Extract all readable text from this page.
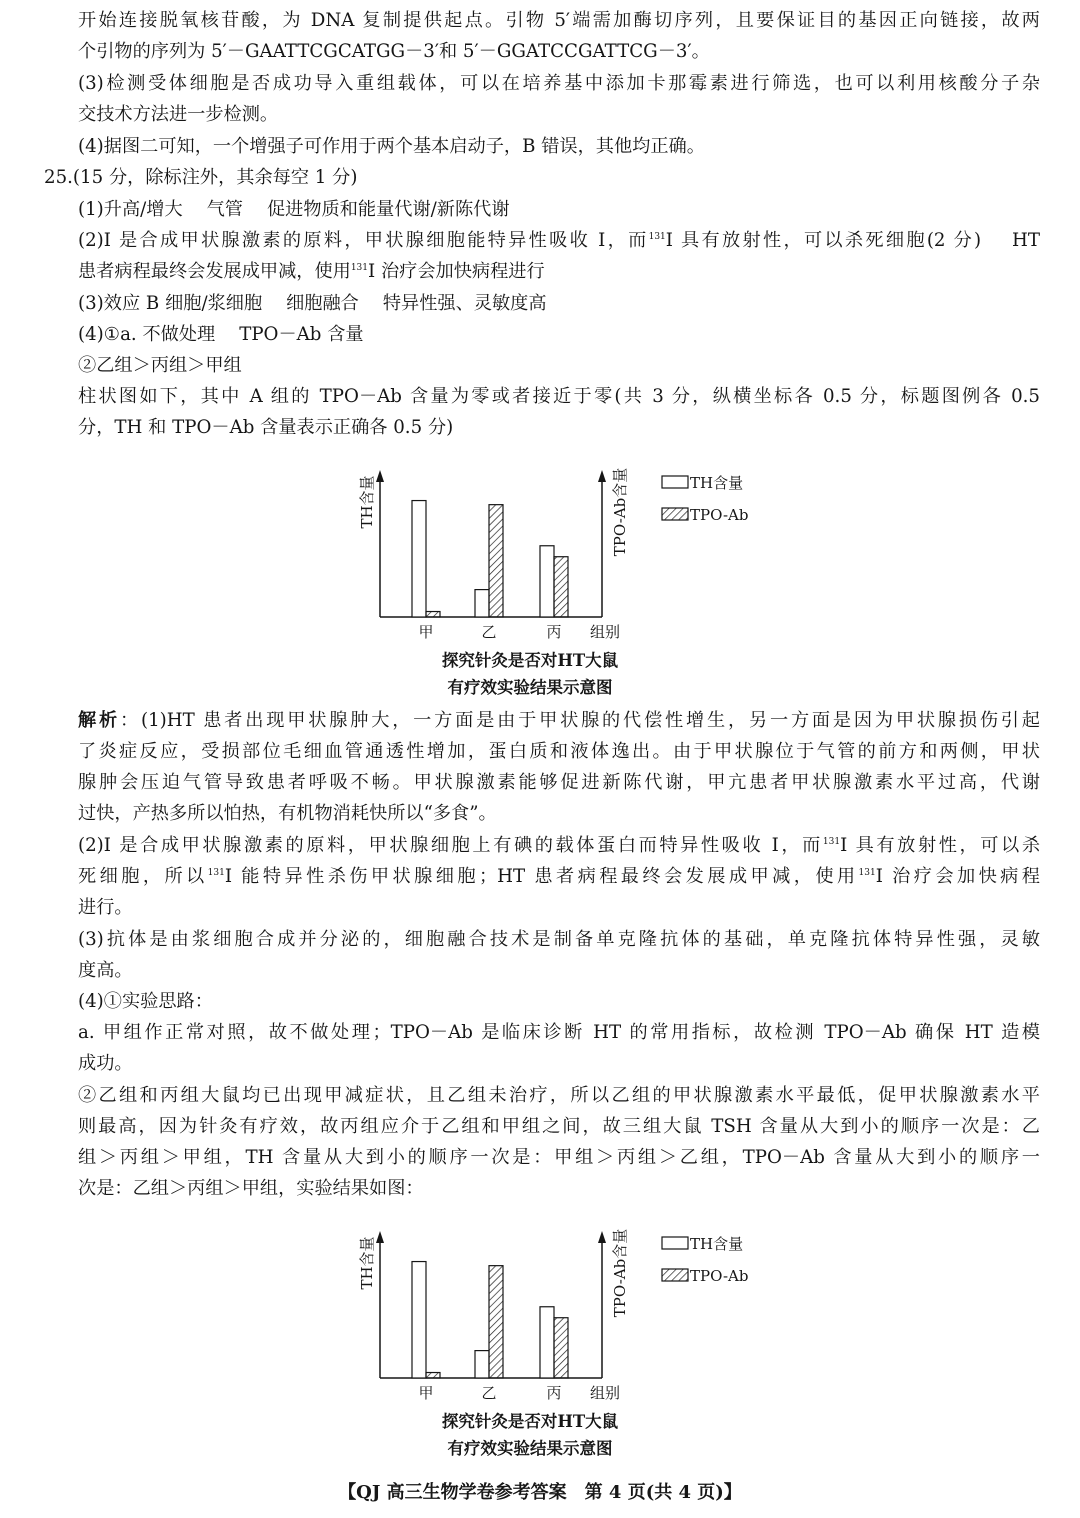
开始连接脱氧核苷酸，为 DNA 复制提供起点。引物 5′端需加酶切序列，且要保证目的基因正向链接，故两
个引物的序列为 5′－GAATTCGCATGG－3′和 5′－GGATCCGATTCG－3′。
(3)检测受体细胞是否成功导入重组载体，可以在培养基中添加卡那霉素进行筛选，也可以利用核酸分子杂
交技术方法进一步检测。
(4)据图二可知，一个增强子可作用于两个基本启动子，B 错误，其他均正确。
25.(15 分，除标注外，其余每空 1 分)
(1)升高/增大　 气管　 促进物质和能量代谢/新陈代谢
(2)I 是合成甲状腺激素的原料，甲状腺细胞能特异性吸收 I，而$^{131}$I 具有放射性，可以杀死细胞(2 分)　 HT
患者病程最终会发展成甲减，使用$^{131}$I 治疗会加快病程进行
(3)效应 B 细胞/浆细胞　 细胞融合　 特异性强、灵敏度高
(4)①a. 不做处理　 TPO－Ab 含量
②乙组＞丙组＞甲组
柱状图如下，其中 A 组的 TPO－Ab 含量为零或者接近于零(共 3 分，纵横坐标各 0.5 分，标题图例各 0.5
分，TH 和 TPO－Ab 含量表示正确各 0.5 分)
TH含量	TPO-Ab含量
甲	乙	丙 组别
TH含量
TPO-Ab
探究针灸是否对HT大鼠
有疗效实验结果示意图
解析：(1)HT 患者出现甲状腺肿大，一方面是由于甲状腺的代偿性增生，另一方面是因为甲状腺损伤引起
了炎症反应，受损部位毛细血管通透性增加，蛋白质和液体逸出。由于甲状腺位于气管的前方和两侧，甲状
腺肿会压迫气管导致患者呼吸不畅。甲状腺激素能够促进新陈代谢，甲亢患者甲状腺激素水平过高，代谢
过快，产热多所以怕热，有机物消耗快所以“多食”。
(2)I 是合成甲状腺激素的原料，甲状腺细胞上有碘的载体蛋白而特异性吸收 I，而$^{131}$I 具有放射性，可以杀
死细胞，所以$^{131}$I 能特异性杀伤甲状腺细胞；HT 患者病程最终会发展成甲减，使用$^{131}$I 治疗会加快病程
进行。
(3)抗体是由浆细胞合成并分泌的，细胞融合技术是制备单克隆抗体的基础，单克隆抗体特异性强，灵敏
度高。
(4)①实验思路：
a. 甲组作正常对照，故不做处理；TPO－Ab 是临床诊断 HT 的常用指标，故检测 TPO－Ab 确保 HT 造模
成功。
②乙组和丙组大鼠均已出现甲减症状，且乙组未治疗，所以乙组的甲状腺激素水平最低，促甲状腺激素水平
则最高，因为针灸有疗效，故丙组应介于乙组和甲组之间，故三组大鼠 TSH 含量从大到小的顺序一次是：乙
组＞丙组＞甲组，TH 含量从大到小的顺序一次是：甲组＞丙组＞乙组，TPO－Ab 含量从大到小的顺序一
次是：乙组＞丙组＞甲组，实验结果如图：
TH含量	TPO-Ab含量
甲	乙	丙 组别
TH含量
TPO-Ab
探究针灸是否对HT大鼠
有疗效实验结果示意图
【QJ 高三生物学卷参考答案　第 4 页(共 4 页)】
